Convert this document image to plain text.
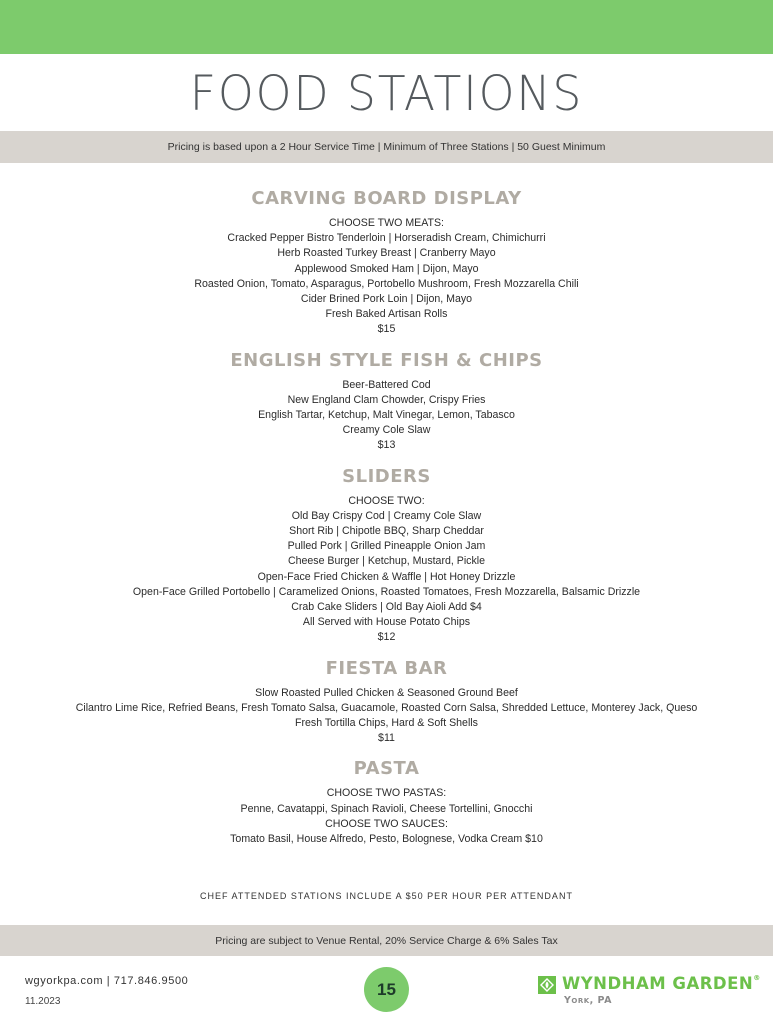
FOOD STATIONS
Pricing is based upon a 2 Hour Service Time | Minimum of Three Stations | 50 Guest Minimum
CARVING BOARD DISPLAY
CHOOSE TWO MEATS:
Cracked Pepper Bistro Tenderloin | Horseradish Cream, Chimichurri
Herb Roasted Turkey Breast | Cranberry Mayo
Applewood Smoked Ham | Dijon, Mayo
Roasted Onion, Tomato, Asparagus, Portobello Mushroom, Fresh Mozzarella Chili
Cider Brined Pork Loin | Dijon, Mayo
Fresh Baked Artisan Rolls
$15
ENGLISH STYLE FISH & CHIPS
Beer-Battered Cod
New England Clam Chowder, Crispy Fries
English Tartar, Ketchup, Malt Vinegar, Lemon, Tabasco
Creamy Cole Slaw
$13
SLIDERS
CHOOSE TWO:
Old Bay Crispy Cod | Creamy Cole Slaw
Short Rib | Chipotle BBQ, Sharp Cheddar
Pulled Pork | Grilled Pineapple Onion Jam
Cheese Burger | Ketchup, Mustard, Pickle
Open-Face Fried Chicken & Waffle | Hot Honey Drizzle
Open-Face Grilled Portobello | Caramelized Onions, Roasted Tomatoes, Fresh Mozzarella, Balsamic Drizzle
Crab Cake Sliders | Old Bay Aioli Add $4
All Served with House Potato Chips
$12
FIESTA BAR
Slow Roasted Pulled Chicken & Seasoned Ground Beef
Cilantro Lime Rice, Refried Beans, Fresh Tomato Salsa, Guacamole, Roasted Corn Salsa, Shredded Lettuce, Monterey Jack, Queso
Fresh Tortilla Chips, Hard & Soft Shells
$11
PASTA
CHOOSE TWO PASTAS:
Penne, Cavatappi, Spinach Ravioli, Cheese Tortellini, Gnocchi
CHOOSE TWO SAUCES:
Tomato Basil, House Alfredo, Pesto, Bolognese, Vodka Cream $10
CHEF ATTENDED STATIONS INCLUDE A $50 PER HOUR PER ATTENDANT
Pricing are subject to Venue Rental, 20% Service Charge & 6% Sales Tax
wgyorkpa.com | 717.846.9500
11.2023
15	WYNDHAM GARDEN®
York, PA
